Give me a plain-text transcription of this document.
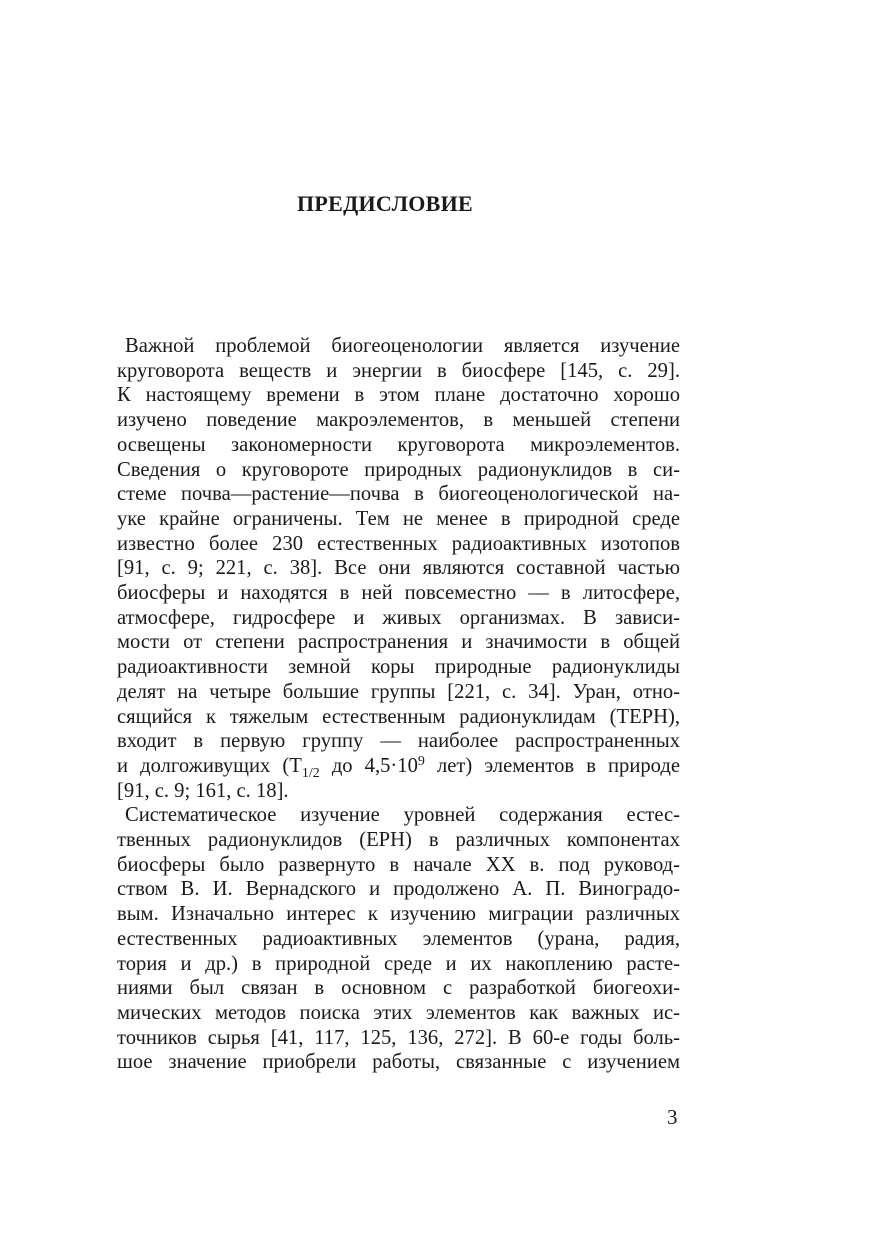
ПРЕДИСЛОВИЕ
Важной проблемой биогеоценологии является изучение
круговорота веществ и энергии в биосфере [145, с. 29].
К настоящему времени в этом плане достаточно хорошо
изучено поведение макроэлементов, в меньшей степени
освещены закономерности круговорота микроэлементов.
Сведения о круговороте природных радионуклидов в си-
стеме почва—растение—почва в биогеоценологической на-
уке крайне ограничены. Тем не менее в природной среде
известно более 230 естественных радиоактивных изотопов
[91, с. 9; 221, с. 38]. Все они являются составной частью
биосферы и находятся в ней повсеместно — в литосфере,
атмосфере, гидросфере и живых организмах. В зависи-
мости от степени распространения и значимости в общей
радиоактивности земной коры природные радионуклиды
делят на четыре большие группы [221, с. 34]. Уран, отно-
сящийся к тяжелым естественным радионуклидам (ТЕРН),
входит в первую группу — наиболее распространенных
и долгоживущих ($Т_{1/2}$ до $4,5\cdot 10^9$ лет) элементов в природе
[91, с. 9; 161, с. 18].
Систематическое изучение уровней содержания естес-
твенных радионуклидов (ЕРН) в различных компонентах
биосферы было развернуто в начале XX в. под руковод-
ством В. И. Вернадского и продолжено А. П. Виноградо-
вым. Изначально интерес к изучению миграции различных
естественных радиоактивных элементов (урана, радия,
тория и др.) в природной среде и их накоплению расте-
ниями был связан в основном с разработкой биогеохи-
мических методов поиска этих элементов как важных ис-
точников сырья [41, 117, 125, 136, 272]. В 60-е годы боль-
шое значение приобрели работы, связанные с изучением
3
